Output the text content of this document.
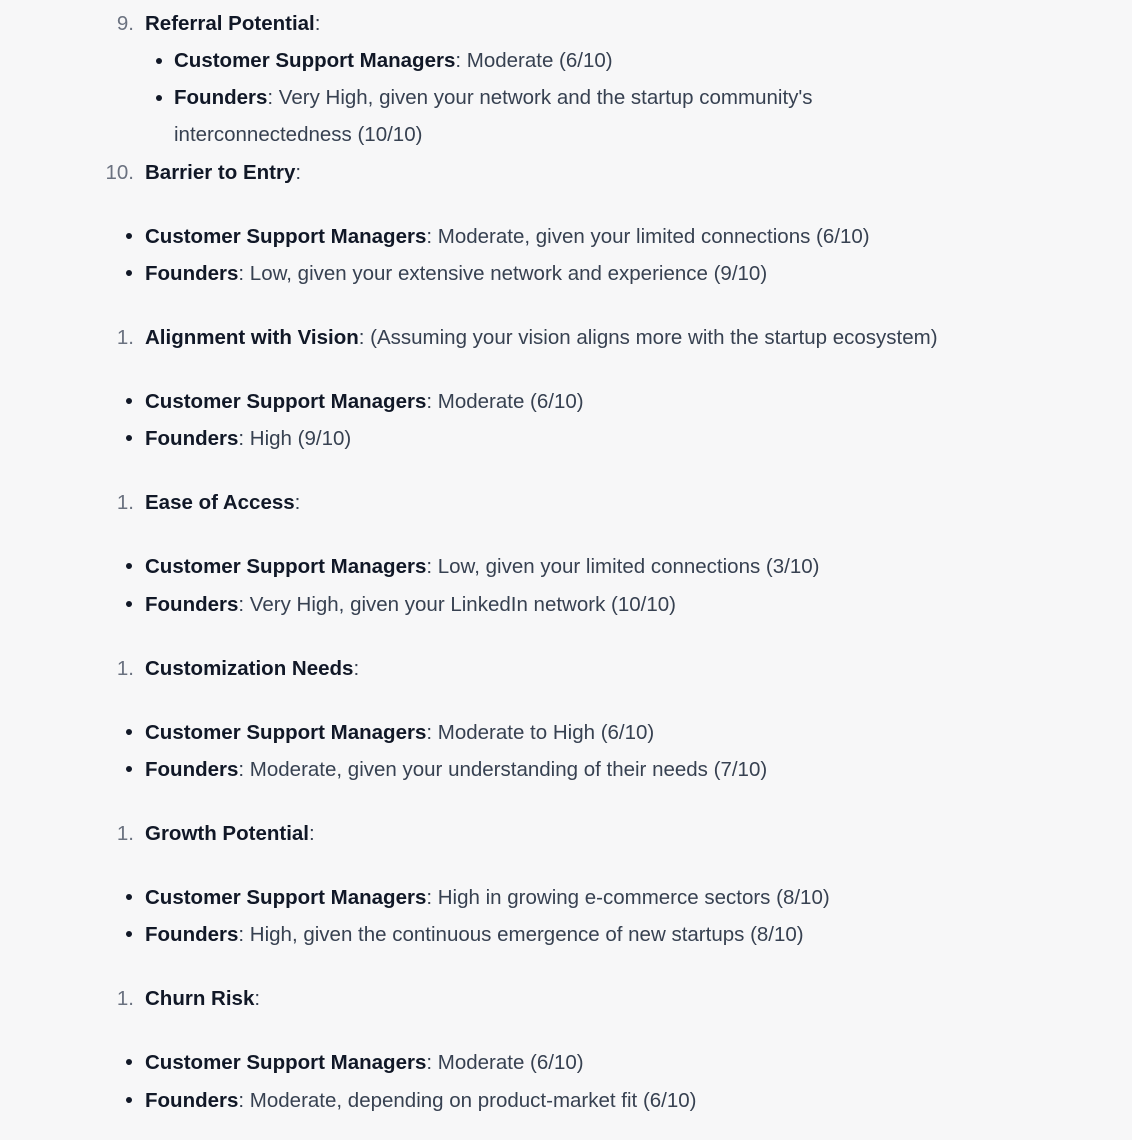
9. Referral Potential:
Customer Support Managers: Moderate (6/10)
Founders: Very High, given your network and the startup community's
interconnectedness (10/10)
10. Barrier to Entry:
Customer Support Managers: Moderate, given your limited connections (6/10)
Founders: Low, given your extensive network and experience (9/10)
1. Alignment with Vision: (Assuming your vision aligns more with the startup ecosystem)
Customer Support Managers: Moderate (6/10)
Founders: High (9/10)
1. Ease of Access:
Customer Support Managers: Low, given your limited connections (3/10)
Founders: Very High, given your LinkedIn network (10/10)
1. Customization Needs:
Customer Support Managers: Moderate to High (6/10)
Founders: Moderate, given your understanding of their needs (7/10)
1. Growth Potential:
Customer Support Managers: High in growing e-commerce sectors (8/10)
Founders: High, given the continuous emergence of new startups (8/10)
1. Churn Risk:
Customer Support Managers: Moderate (6/10)
Founders: Moderate, depending on product-market fit (6/10)
